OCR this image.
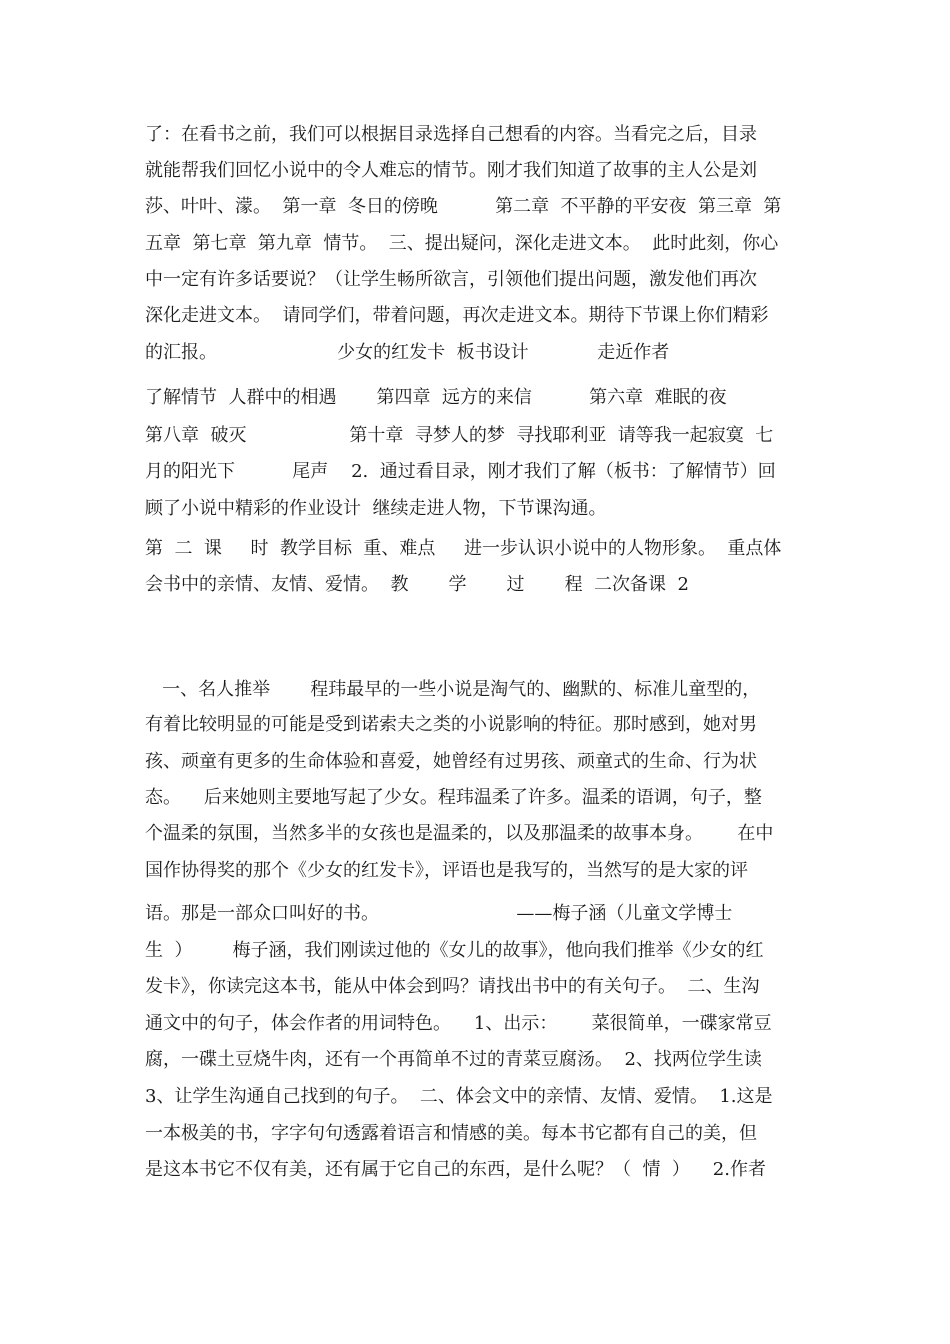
了：在看书之前，我们可以根据目录选择自己想看的内容。当看完之后，目录
就能帮我们回忆小说中的令人难忘的情节。刚才我们知道了故事的主人公是刘
莎、叶叶、濛。  第一章  冬日的傍晚          第二章  不平静的平安夜  第三章  第
五章  第七章  第九章  情节。  三、提出疑问，深化走进文本。  此时此刻，你心
中一定有许多话要说？（让学生畅所欲言，引领他们提出问题，激发他们再次
深化走进文本。  请同学们，带着问题，再次走进文本。期待下节课上你们精彩
的汇报。                     少女的红发卡  板书设计            走近作者
了解情节  人群中的相遇       第四章  远方的来信          第六章  难眠的夜
第八章  破灭                  第十章  寻梦人的梦  寻找耶利亚  请等我一起寂寞  七
月的阳光下          尾声    2.  通过看目录，刚才我们了解（板书：了解情节）回
顾了小说中精彩的作业设计  继续走进人物，下节课沟通。
第  二  课     时  教学目标  重、难点     进一步认识小说中的人物形象。  重点体
会书中的亲情、友情、爱情。  教       学       过       程  二次备课  2
一、名人推举       程玮最早的一些小说是淘气的、幽默的、标准儿童型的，
有着比较明显的可能是受到诺索夫之类的小说影响的特征。那时感到，她对男
孩、顽童有更多的生命体验和喜爱，她曾经有过男孩、顽童式的生命、行为状
态。    后来她则主要地写起了少女。程玮温柔了许多。温柔的语调，句子，整
个温柔的氛围，当然多半的女孩也是温柔的，以及那温柔的故事本身。      在中
国作协得奖的那个《少女的红发卡》，评语也是我写的，当然写的是大家的评
语。那是一部众口叫好的书。                        ——梅子涵（儿童文学博士
生  ）       梅子涵，我们刚读过他的《女儿的故事》，他向我们推举《少女的红
发卡》，你读完这本书，能从中体会到吗？请找出书中的有关句子。  二、生沟
通文中的句子，体会作者的用词特色。    1、出示：      菜很简单，一碟家常豆
腐，一碟土豆烧牛肉，还有一个再简单不过的青菜豆腐汤。  2、找两位学生读
3、让学生沟通自己找到的句子。  二、体会文中的亲情、友情、爱情。  1.这是
一本极美的书，字字句句透露着语言和情感的美。每本书它都有自己的美，但
是这本书它不仅有美，还有属于它自己的东西，是什么呢？（  情  ）    2.作者
